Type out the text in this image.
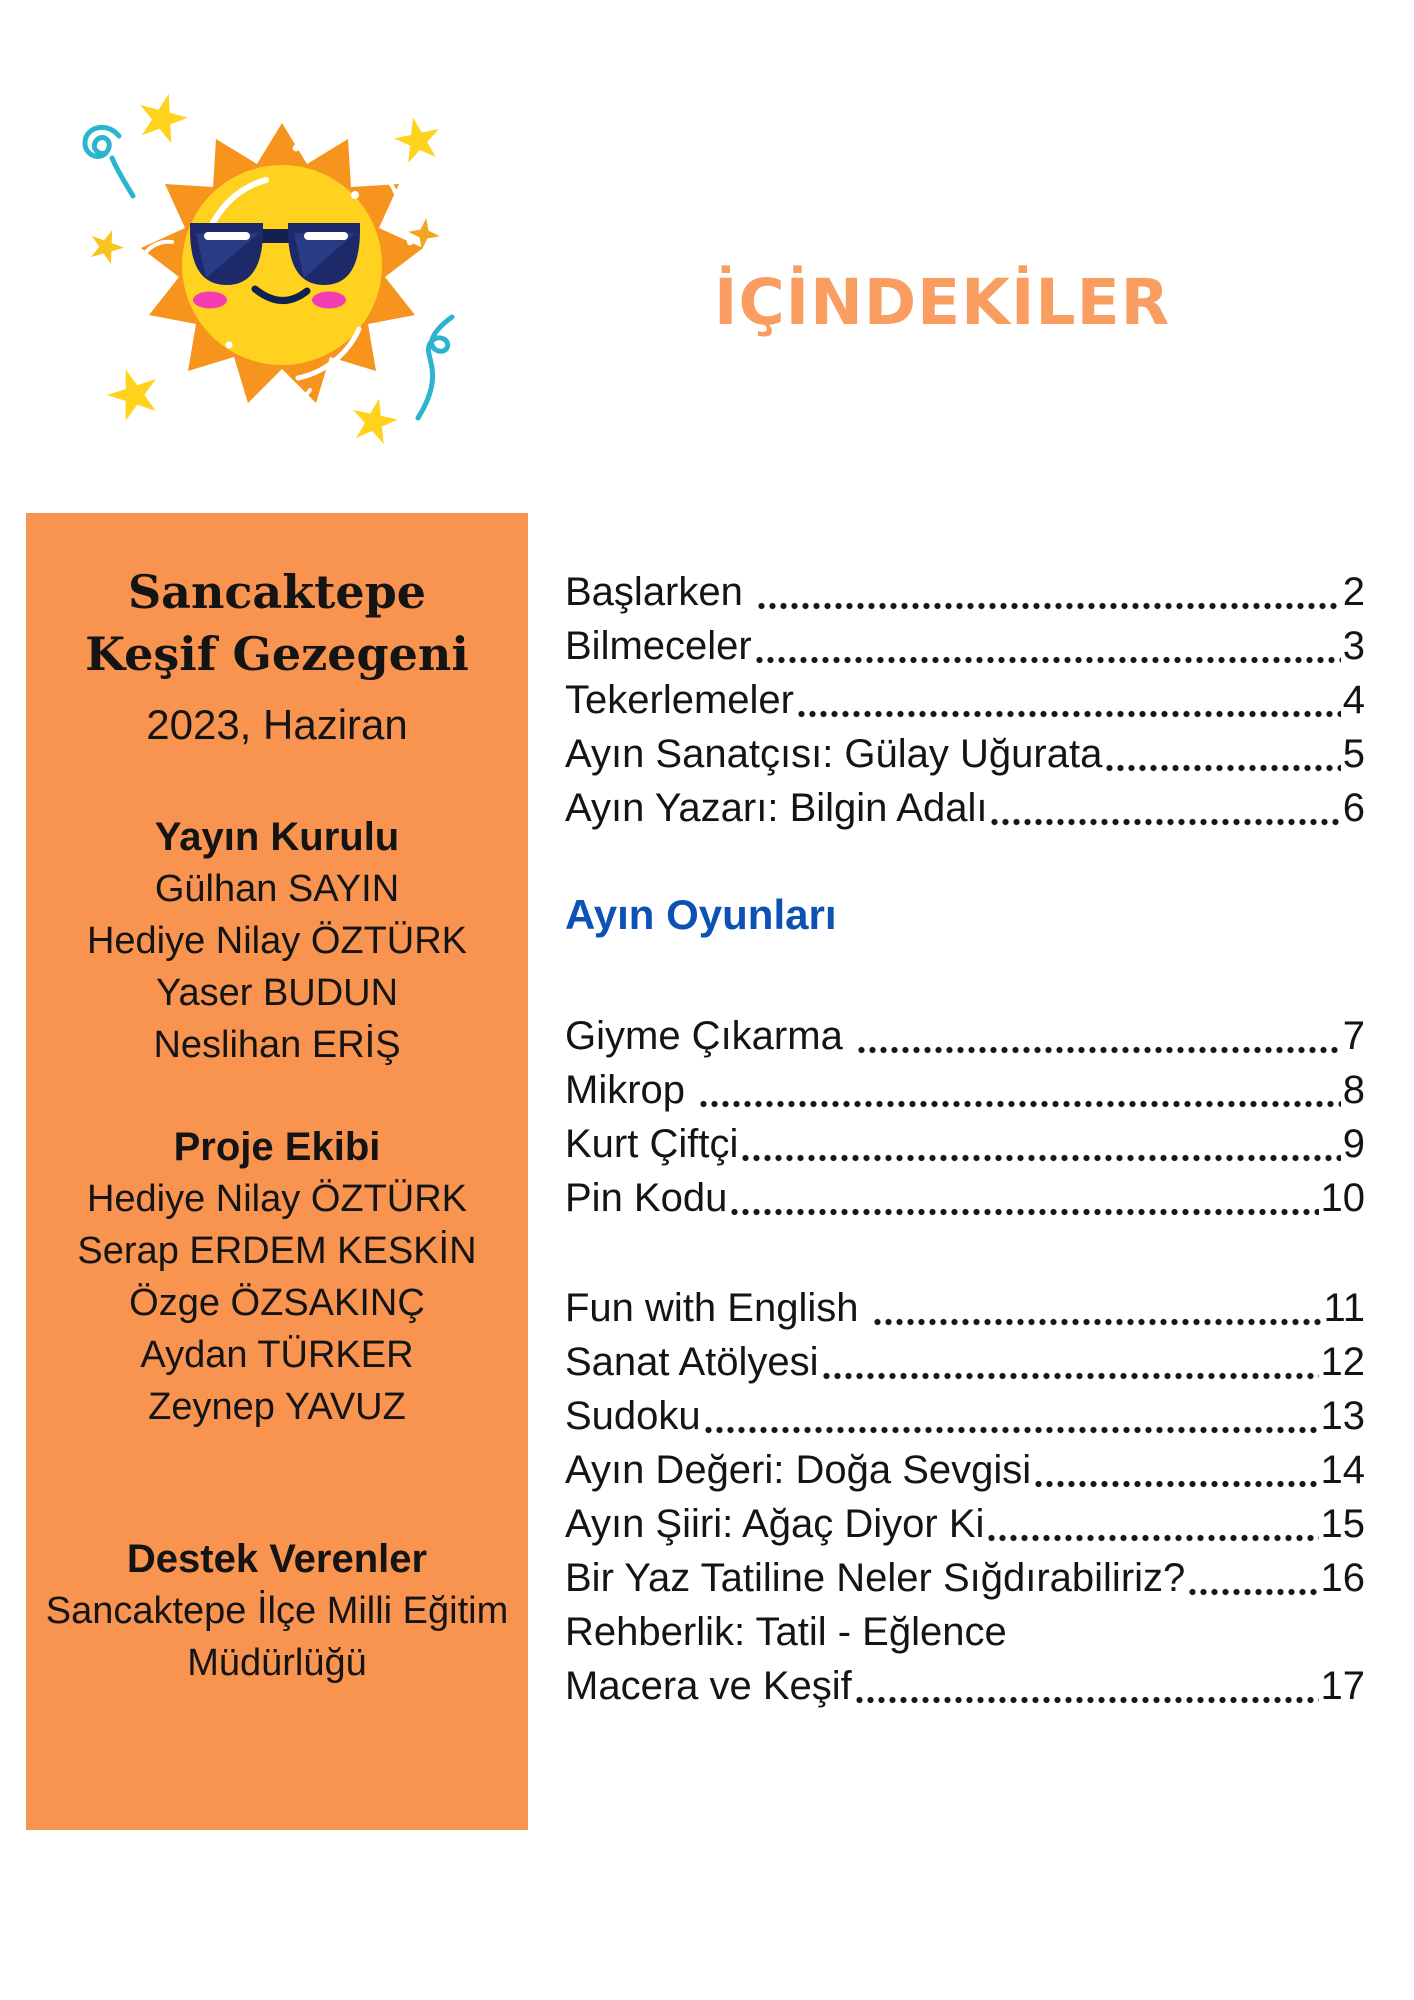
İÇİNDEKİLER
Sancaktepe
Keşif Gezegeni
2023, Haziran
Yayın Kurulu
Gülhan SAYIN
Hediye Nilay ÖZTÜRK
Yaser BUDUN
Neslihan ERİŞ
Proje Ekibi
Hediye Nilay ÖZTÜRK
Serap ERDEM KESKİN
Özge ÖZSAKINÇ
Aydan TÜRKER
Zeynep YAVUZ
Destek Verenler
Sancaktepe İlçe Milli Eğitim Müdürlüğü
Başlarken	2
Bilmeceler	3
Tekerlemeler	4
Ayın Sanatçısı: Gülay Uğurata	5
Ayın Yazarı: Bilgin Adalı	6
Ayın Oyunları
Giyme Çıkarma	7
Mikrop	8
Kurt Çiftçi	9
Pin Kodu	10
Fun with English	11
Sanat Atölyesi	12
Sudoku	13
Ayın Değeri: Doğa Sevgisi	14
Ayın Şiiri: Ağaç Diyor Ki	15
Bir Yaz Tatiline Neler Sığdırabiliriz?	16
Rehberlik: Tatil - Eğlence
Macera ve Keşif	17
